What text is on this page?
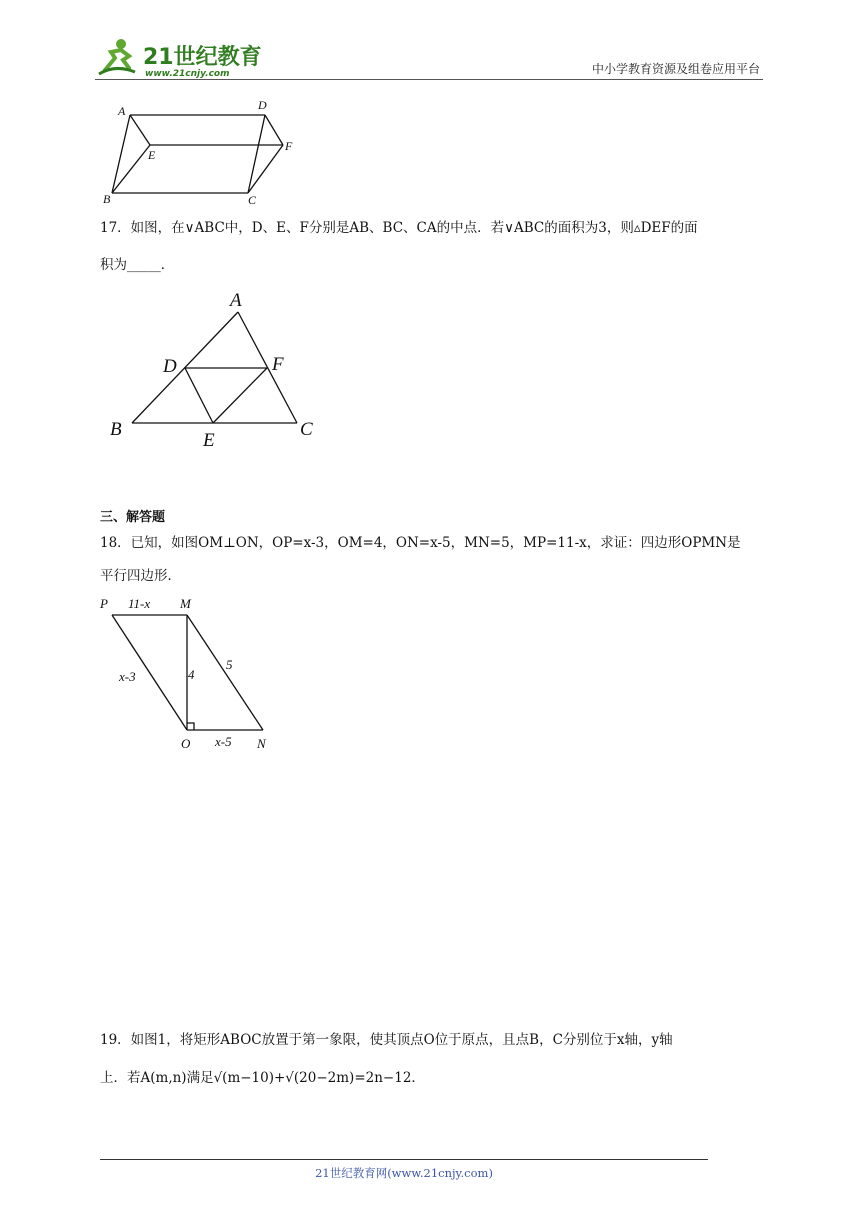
21世纪教育
www.21cnjy.com	中小学教育资源及组卷应用平台
A	D
E
F
B	C
17．如图，在∨ABC中，D、E、F分别是AB、BC、CA的中点．若∨ABC的面积为3，则▵DEF的面
积为_____．
A
D	F
B
E
C
三、解答题
18．已知，如图OM⊥ON，OP=x-3，OM=4，ON=x-5，MN=5，MP=11-x，求证：四边形OPMN是
平行四边形．
P 11-x M
x-3	4
5
O x-5 N
19．如图1，将矩形ABOC放置于第一象限，使其顶点O位于原点，且点B，C分别位于x轴，y轴
上．若A(m,n)满足√(m−10)+√(20−2m)=2n−12．
21世纪教育网(www.21cnjy.com)
